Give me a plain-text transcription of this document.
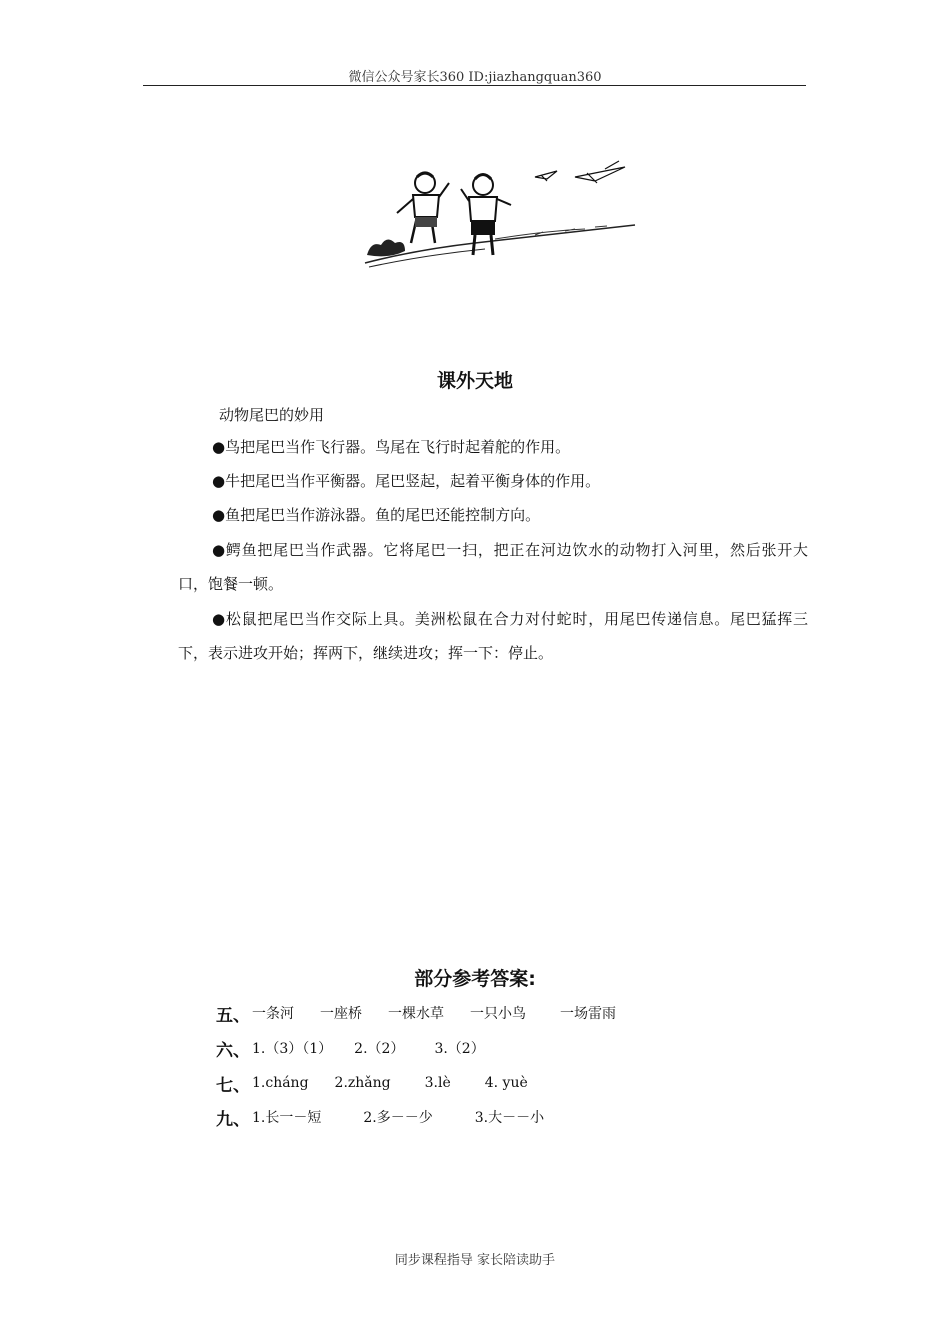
微信公众号家长360 ID:jiazhangquan360
课外天地
动物尾巴的妙用
●鸟把尾巴当作飞行器。鸟尾在飞行时起着舵的作用。
●牛把尾巴当作平衡器。尾巴竖起，起着平衡身体的作用。
●鱼把尾巴当作游泳器。鱼的尾巴还能控制方向。
●鳄鱼把尾巴当作武器。它将尾巴一扫，把正在河边饮水的动物打入河里，然后张开大口，饱餐一顿。
●松鼠把尾巴当作交际上具。美洲松鼠在合力对付蛇时，用尾巴传递信息。尾巴猛挥三下，表示进攻开始；挥两下，继续进攻；挥一下：停止。
部分参考答案:
五、 一条河 一座桥 一棵水草 一只小鸟 一场雷雨
六、 1.（3）（1） 2.（2） 3.（2）
七、 1.cháng 2.zhǎng 3.lè 4. yuè
九、 1.长一－短	2.多－－少	3.大－－小
同步课程指导 家长陪读助手
